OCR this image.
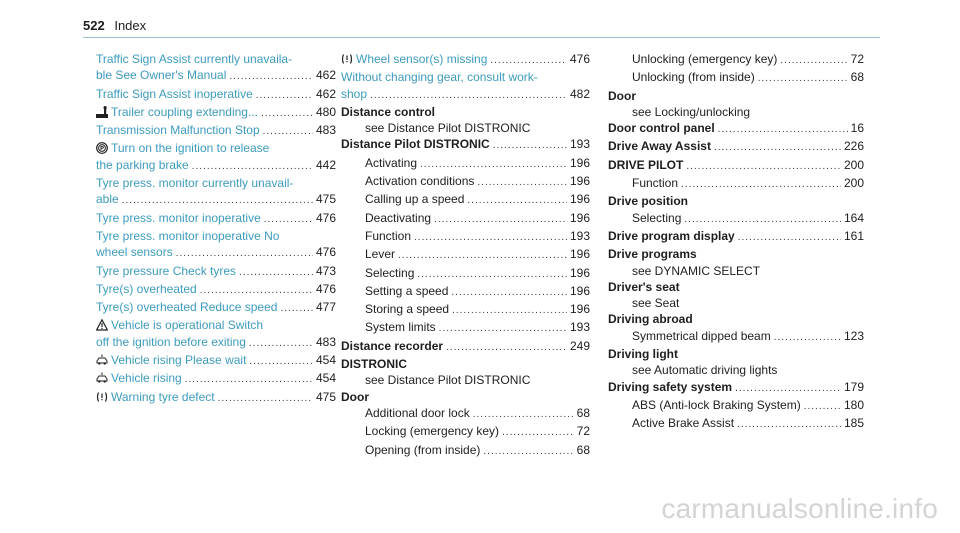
522 Index
Traffic Sign Assist currently unavaila-
ble See Owner's Manual .....	462
Traffic Sign Assist inoperative .....	462
Trailer coupling extending... .....	480
Transmission Malfunction Stop .....	483
P Turn on the ignition to release
the parking brake .....	442
Tyre press. monitor currently unavail-
able .....	475
Tyre press. monitor inoperative .....	476
Tyre press. monitor inoperative No
wheel sensors .....	476
Tyre pressure Check tyres .....	473
Tyre(s) overheated .....	476
Tyre(s) overheated Reduce speed .....	477
Vehicle is operational Switch
off the ignition before exiting .....	483
Vehicle rising Please wait .....	454
Vehicle rising .....	454
Warning tyre defect .....	475
Wheel sensor(s) missing .....	476
Without changing gear, consult work-
shop .....	482
Distance control
see Distance Pilot DISTRONIC
Distance Pilot DISTRONIC .....	193
Activating .....	196
Activation conditions .....	196
Calling up a speed .....	196
Deactivating .....	196
Function .....	193
Lever .....	196
Selecting .....	196
Setting a speed .....	196
Storing a speed .....	196
System limits .....	193
Distance recorder .....	249
DISTRONIC
see Distance Pilot DISTRONIC
Door
Additional door lock .....	68
Locking (emergency key) .....	72
Opening (from inside) .....	68
Unlocking (emergency key) .....	72
Unlocking (from inside) .....	68
Door
see Locking/unlocking
Door control panel .....	16
Drive Away Assist .....	226
DRIVE PILOT .....	200
Function .....	200
Drive position
Selecting .....	164
Drive program display .....	161
Drive programs
see DYNAMIC SELECT
Driver's seat
see Seat
Driving abroad
Symmetrical dipped beam .....	123
Driving light
see Automatic driving lights
Driving safety system .....	179
ABS (Anti-lock Braking System) .....	180
Active Brake Assist .....	185
carmanualsonline.info
